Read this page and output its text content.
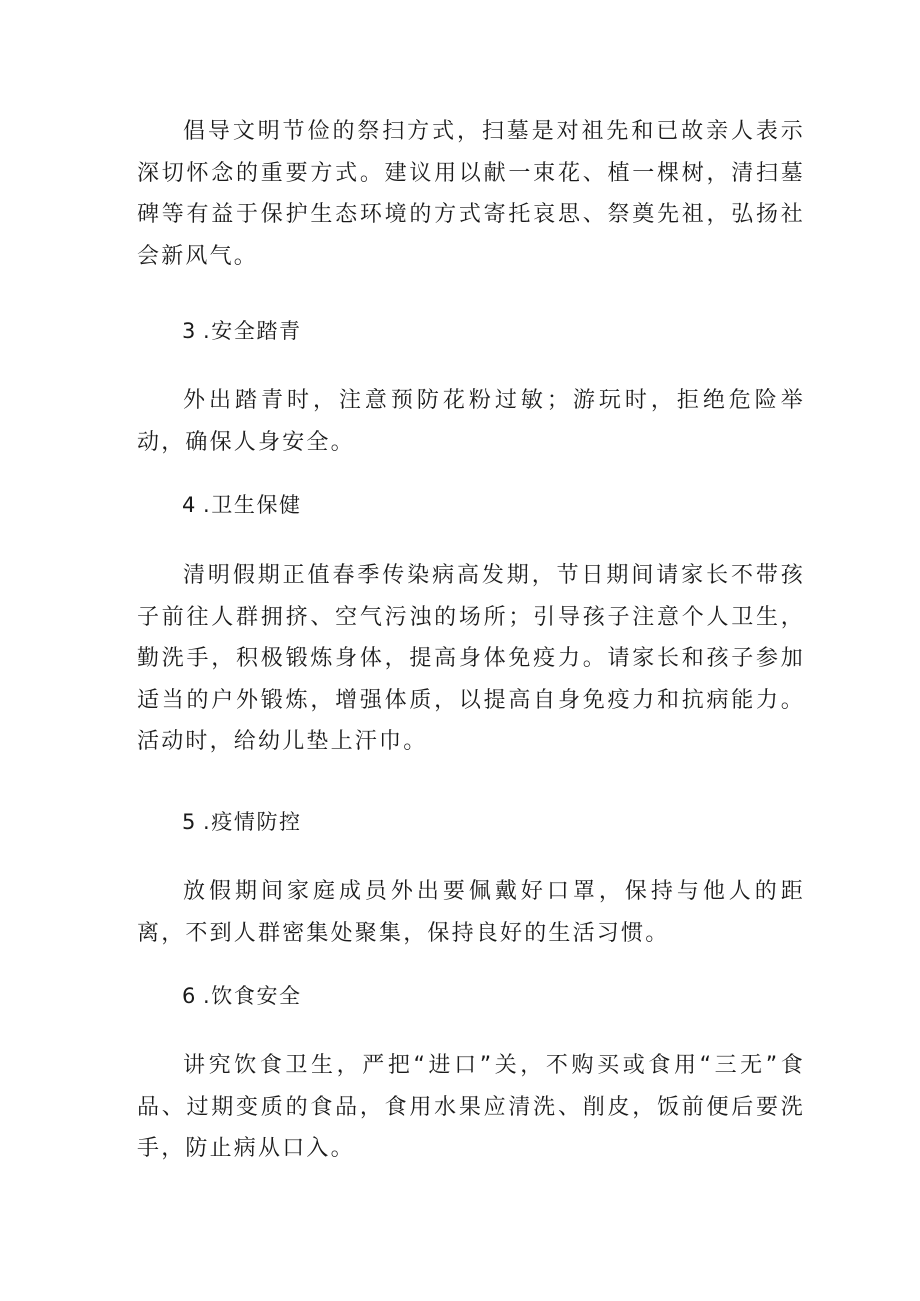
倡导文明节俭的祭扫方式，扫墓是对祖先和已故亲人表示深切怀念的重要方式。建议用以献一束花、植一棵树，清扫墓碑等有益于保护生态环境的方式寄托哀思、祭奠先祖，弘扬社会新风气。

3 .安全踏青

外出踏青时，注意预防花粉过敏；游玩时，拒绝危险举动，确保人身安全。

4 .卫生保健

清明假期正值春季传染病高发期，节日期间请家长不带孩子前往人群拥挤、空气污浊的场所；引导孩子注意个人卫生，勤洗手，积极锻炼身体，提高身体免疫力。请家长和孩子参加适当的户外锻炼，增强体质，以提高自身免疫力和抗病能力。活动时，给幼儿垫上汗巾。

5 .疫情防控

放假期间家庭成员外出要佩戴好口罩，保持与他人的距离，不到人群密集处聚集，保持良好的生活习惯。

6 .饮食安全

讲究饮食卫生，严把“进口”关，不购买或食用“三无”食品、过期变质的食品，食用水果应清洗、削皮，饭前便后要洗手，防止病从口入。
